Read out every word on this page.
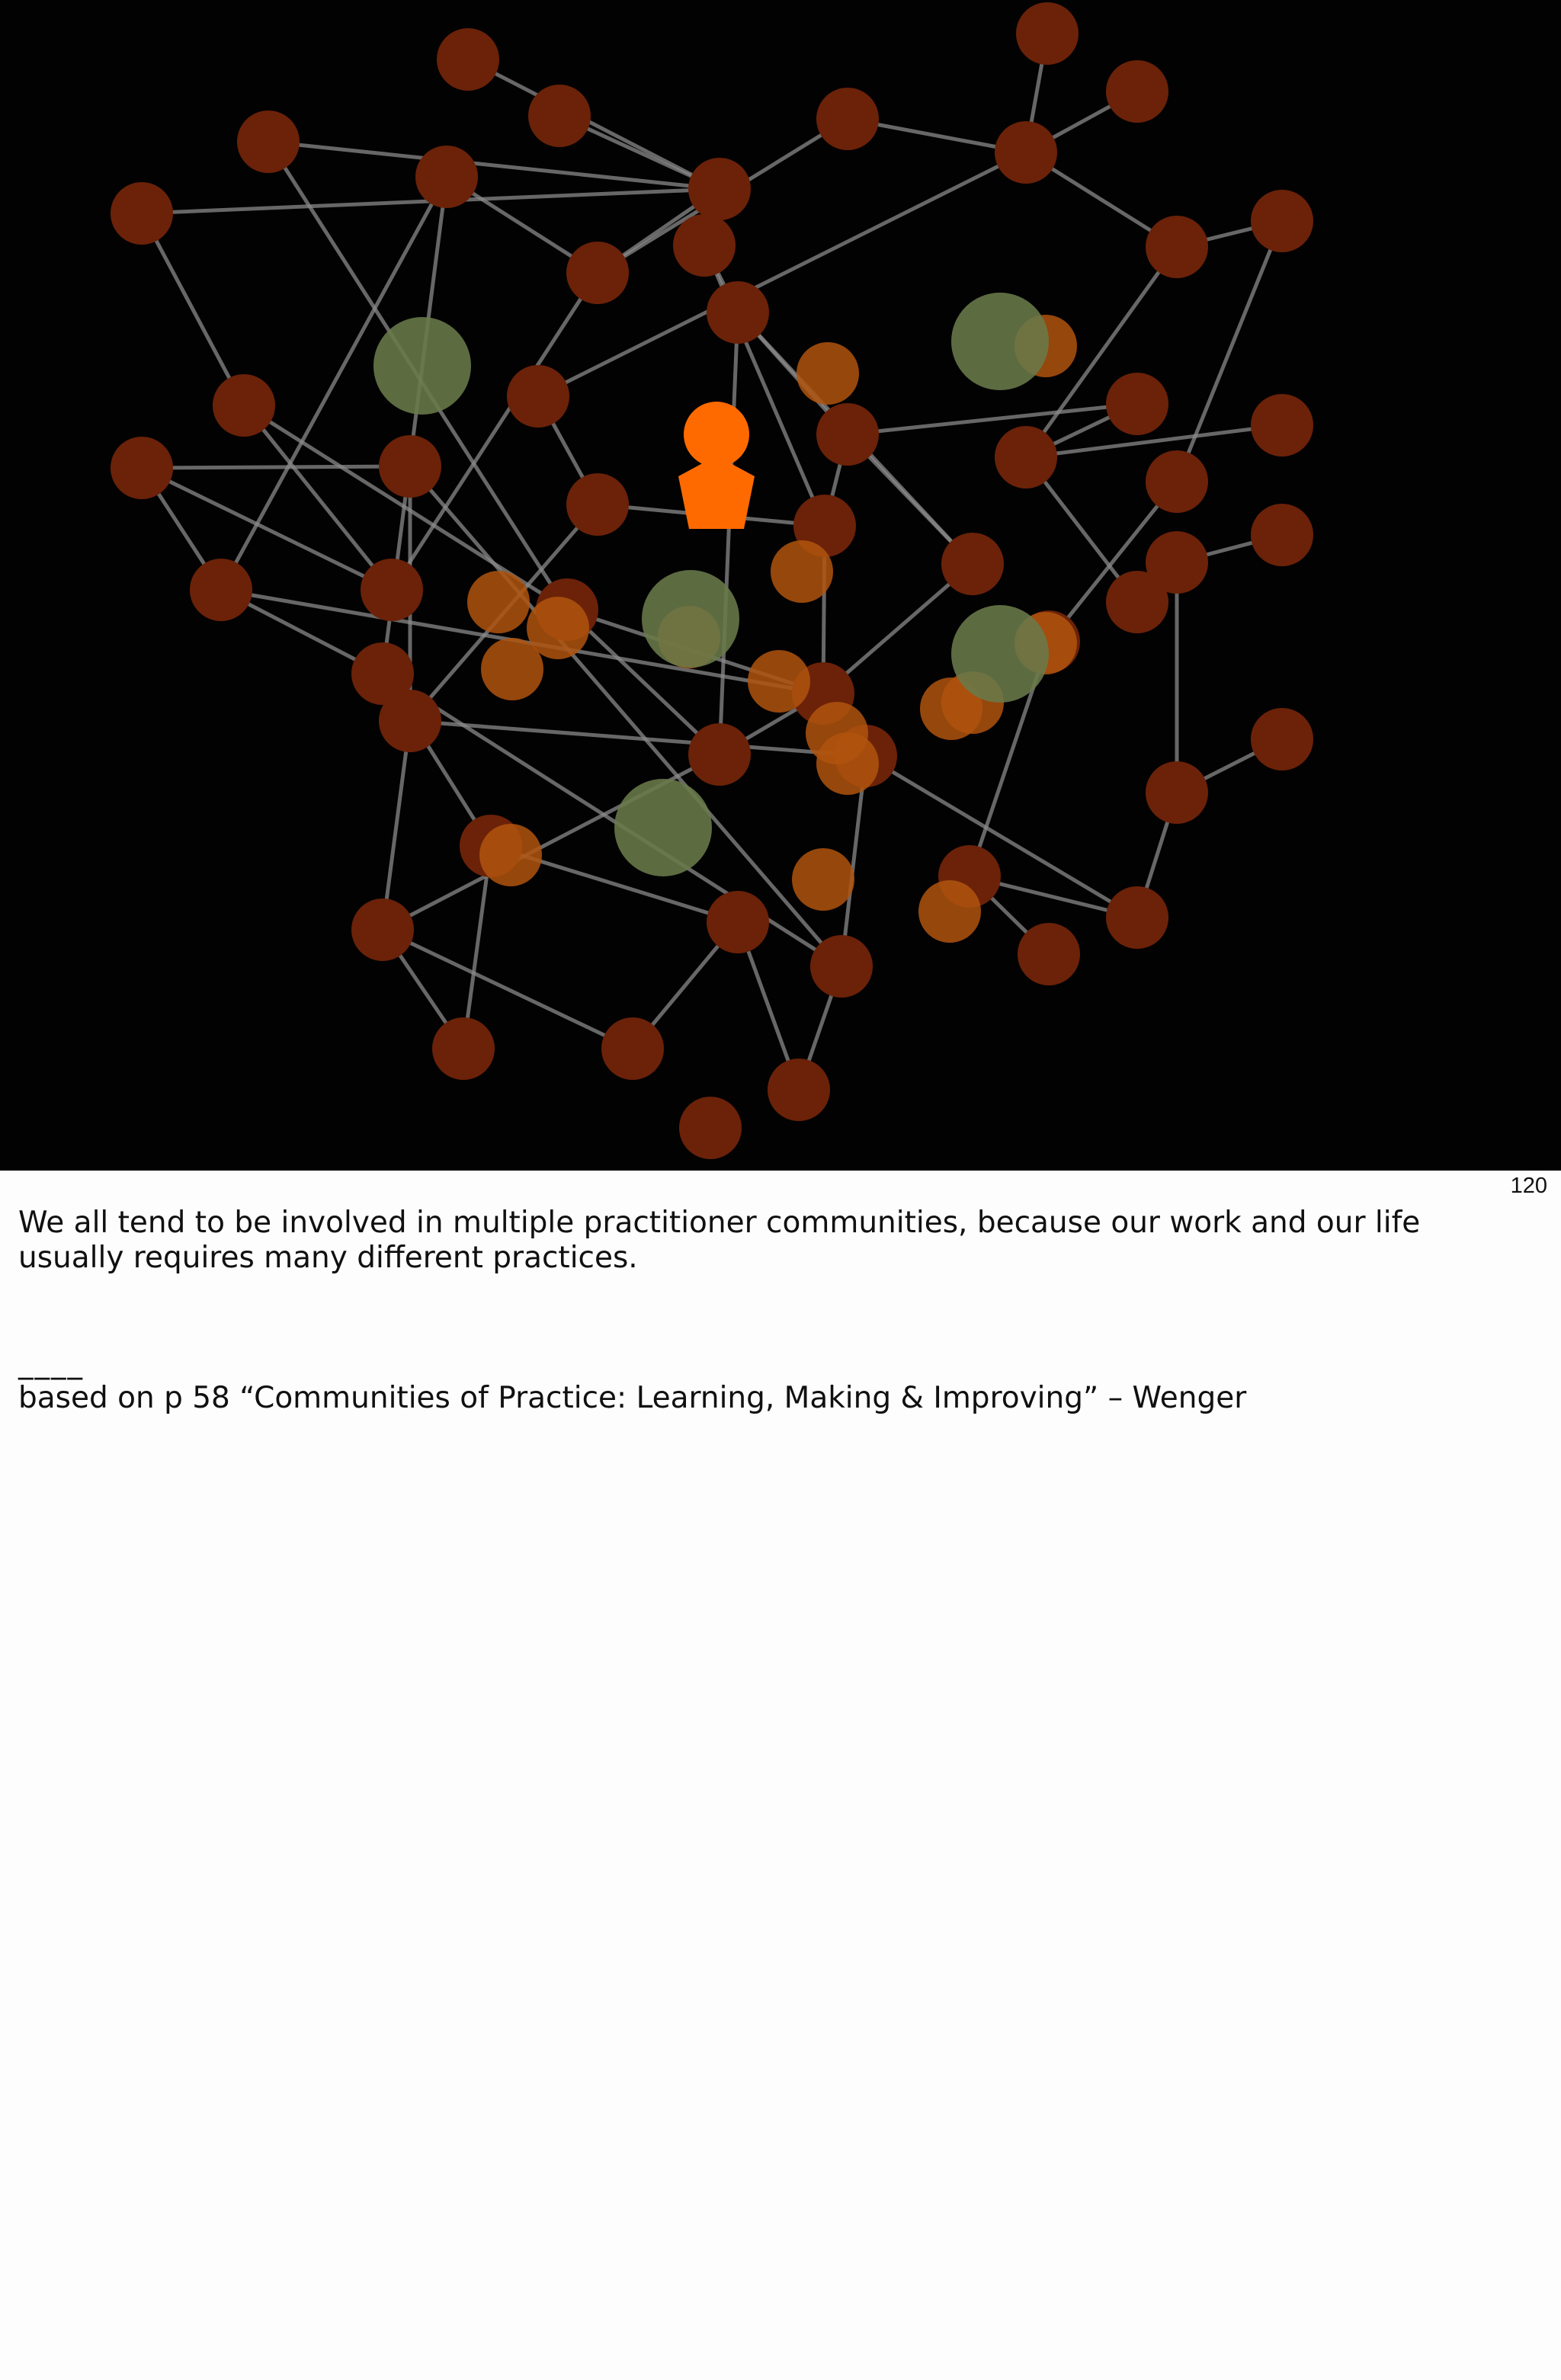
120

We all tend to be involved in multiple practitioner communities, because our work and our life usually requires many different practices.

____

based on p 58 “Communities of Practice: Learning, Making & Improving” – Wenger
